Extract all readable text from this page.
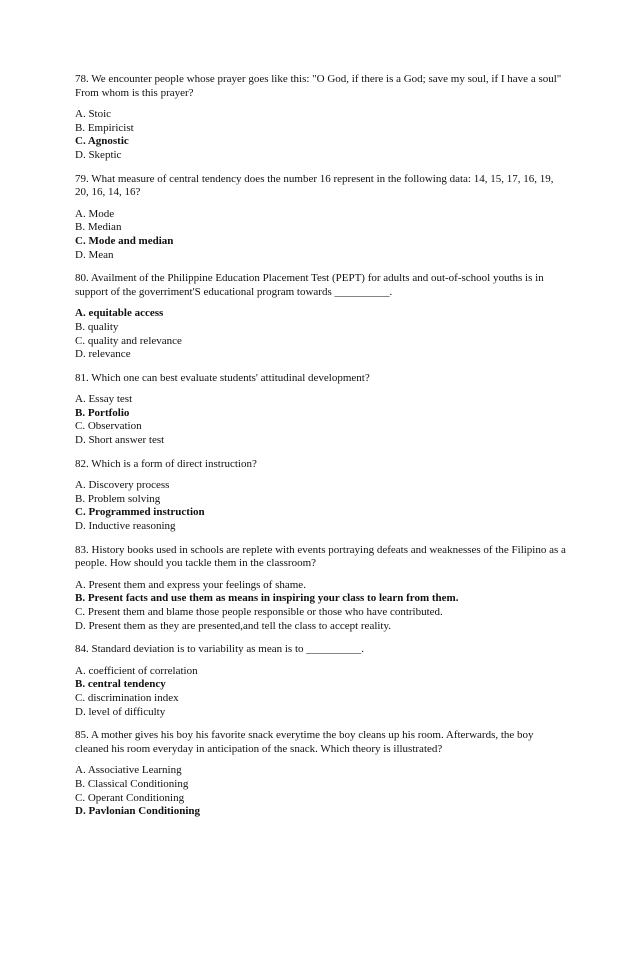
78. We encounter people whose prayer goes like this: "O God, if there is a God; save my soul, if I have a soul" From whom is this prayer?
A. Stoic
B. Empiricist
C. Agnostic
D. Skeptic
79. What measure of central tendency does the number 16 represent in the following data: 14, 15, 17, 16, 19, 20, 16, 14, 16?
A. Mode
B. Median
C. Mode and median
D. Mean
80. Availment of the Philippine Education Placement Test (PEPT) for adults and out-of-school youths is in support of the goverriment'S educational program towards __________.
A. equitable access
B. quality
C. quality and relevance
D. relevance
81. Which one can best evaluate students' attitudinal development?
A. Essay test
B. Portfolio
C. Observation
D. Short answer test
82. Which is a form of direct instruction?
A. Discovery process
B. Problem solving
C. Programmed instruction
D. Inductive reasoning
83. History books used in schools are replete with events portraying defeats and weaknesses of the Filipino as a people. How should you tackle them in the classroom?
A. Present them and express your feelings of shame.
B. Present facts and use them as means in inspiring your class to learn from them.
C. Present them and blame those people responsible or those who have contributed.
D. Present them as they are presented,and tell the class to accept reality.
84. Standard deviation is to variability as mean is to __________.
A. coefficient of correlation
B. central tendency
C. discrimination index
D. level of difficulty
85. A mother gives his boy his favorite snack everytime the boy cleans up his room. Afterwards, the boy cleaned his room everyday in anticipation of the snack. Which theory is illustrated?
A. Associative Learning
B. Classical Conditioning
C. Operant Conditioning
D. Pavlonian Conditioning
